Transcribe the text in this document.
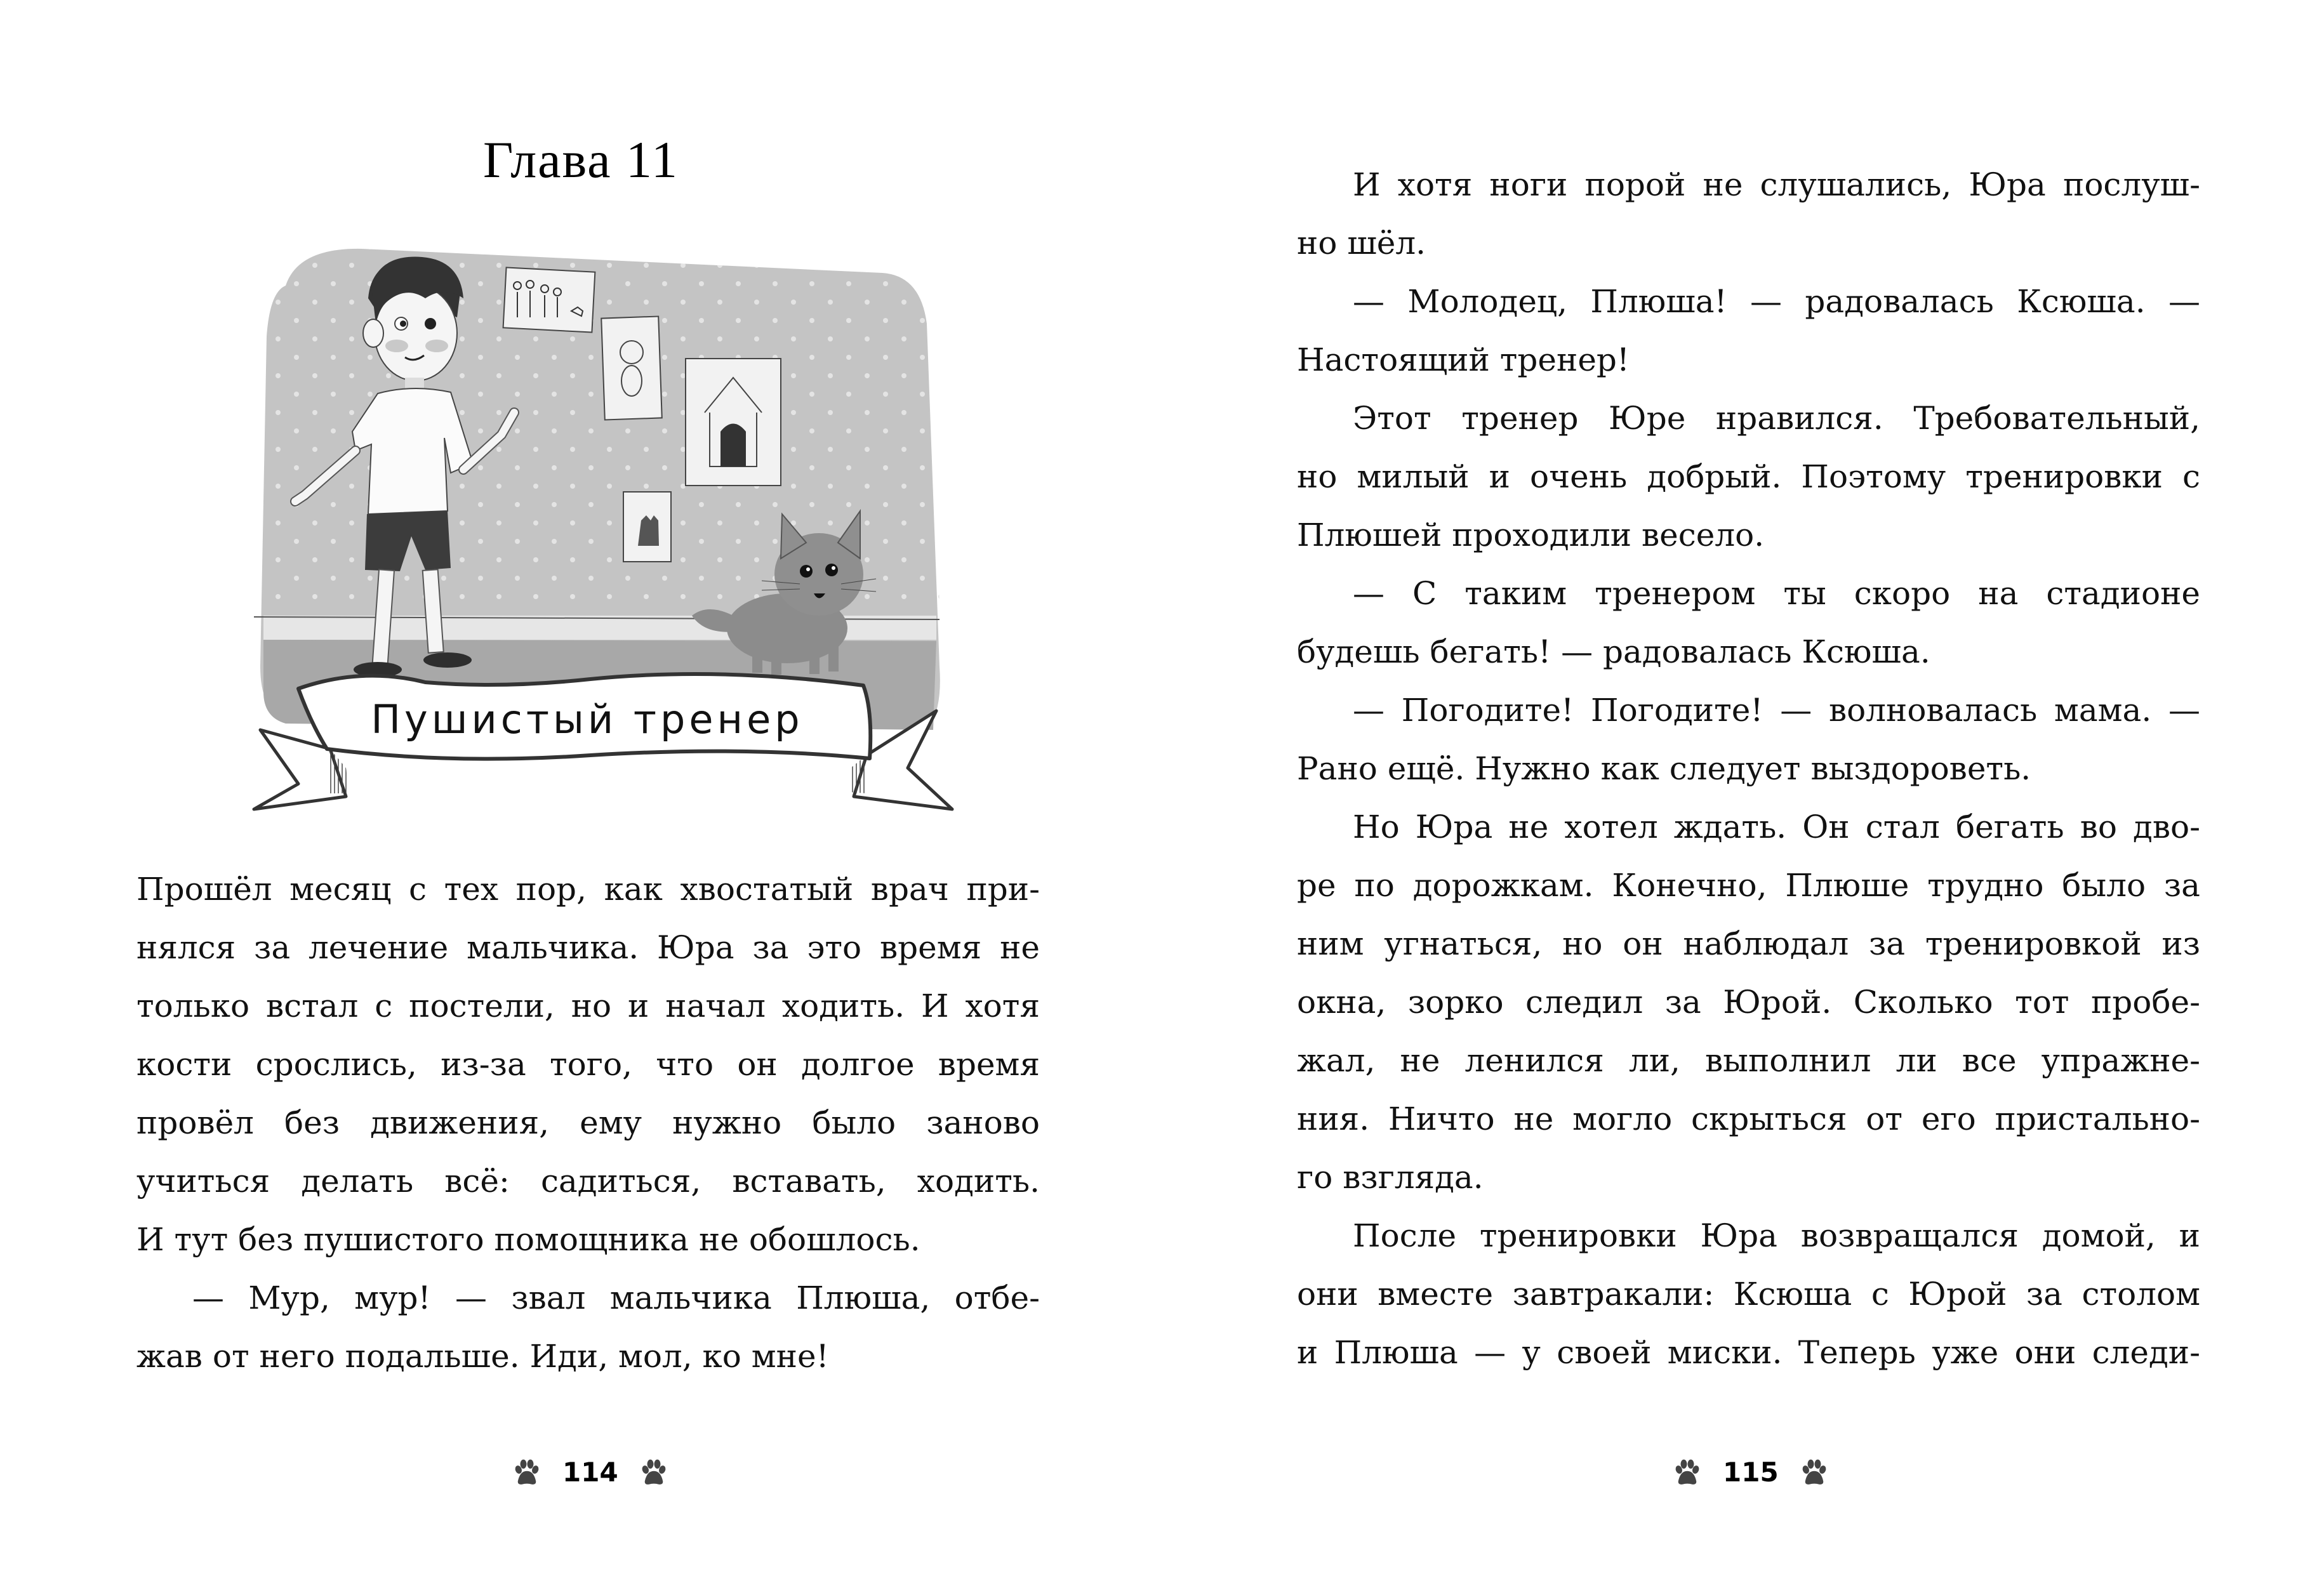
Глава 11
Пушистый тренер
Прошёл месяц с тех пор, как хвостатый врач при-
нялся за лечение мальчика. Юра за это время не
только встал с постели, но и начал ходить. И хотя
кости срослись, из-за того, что он долгое время
провёл без движения, ему нужно было заново
учиться делать всё: садиться, вставать, ходить.
И тут без пушистого помощника не обошлось.
— Мур, мур! — звал мальчика Плюша, отбе-
жав от него подальше. Иди, мол, ко мне!
114
И хотя ноги порой не слушались, Юра послуш-
но шёл.
— Молодец, Плюша! — радовалась Ксюша. —
Настоящий тренер!
Этот тренер Юре нравился. Требовательный,
но милый и очень добрый. Поэтому тренировки с
Плюшей проходили весело.
— С таким тренером ты скоро на стадионе
будешь бегать! — радовалась Ксюша.
— Погодите! Погодите! — волновалась мама. —
Рано ещё. Нужно как следует выздороветь.
Но Юра не хотел ждать. Он стал бегать во дво-
ре по дорожкам. Конечно, Плюше трудно было за
ним угнаться, но он наблюдал за тренировкой из
окна, зорко следил за Юрой. Сколько тот пробе-
жал, не ленился ли, выполнил ли все упражне-
ния. Ничто не могло скрыться от его пристально-
го взгляда.
После тренировки Юра возвращался домой, и
они вместе завтракали: Ксюша с Юрой за столом
и Плюша — у своей миски. Теперь уже они следи-
115
